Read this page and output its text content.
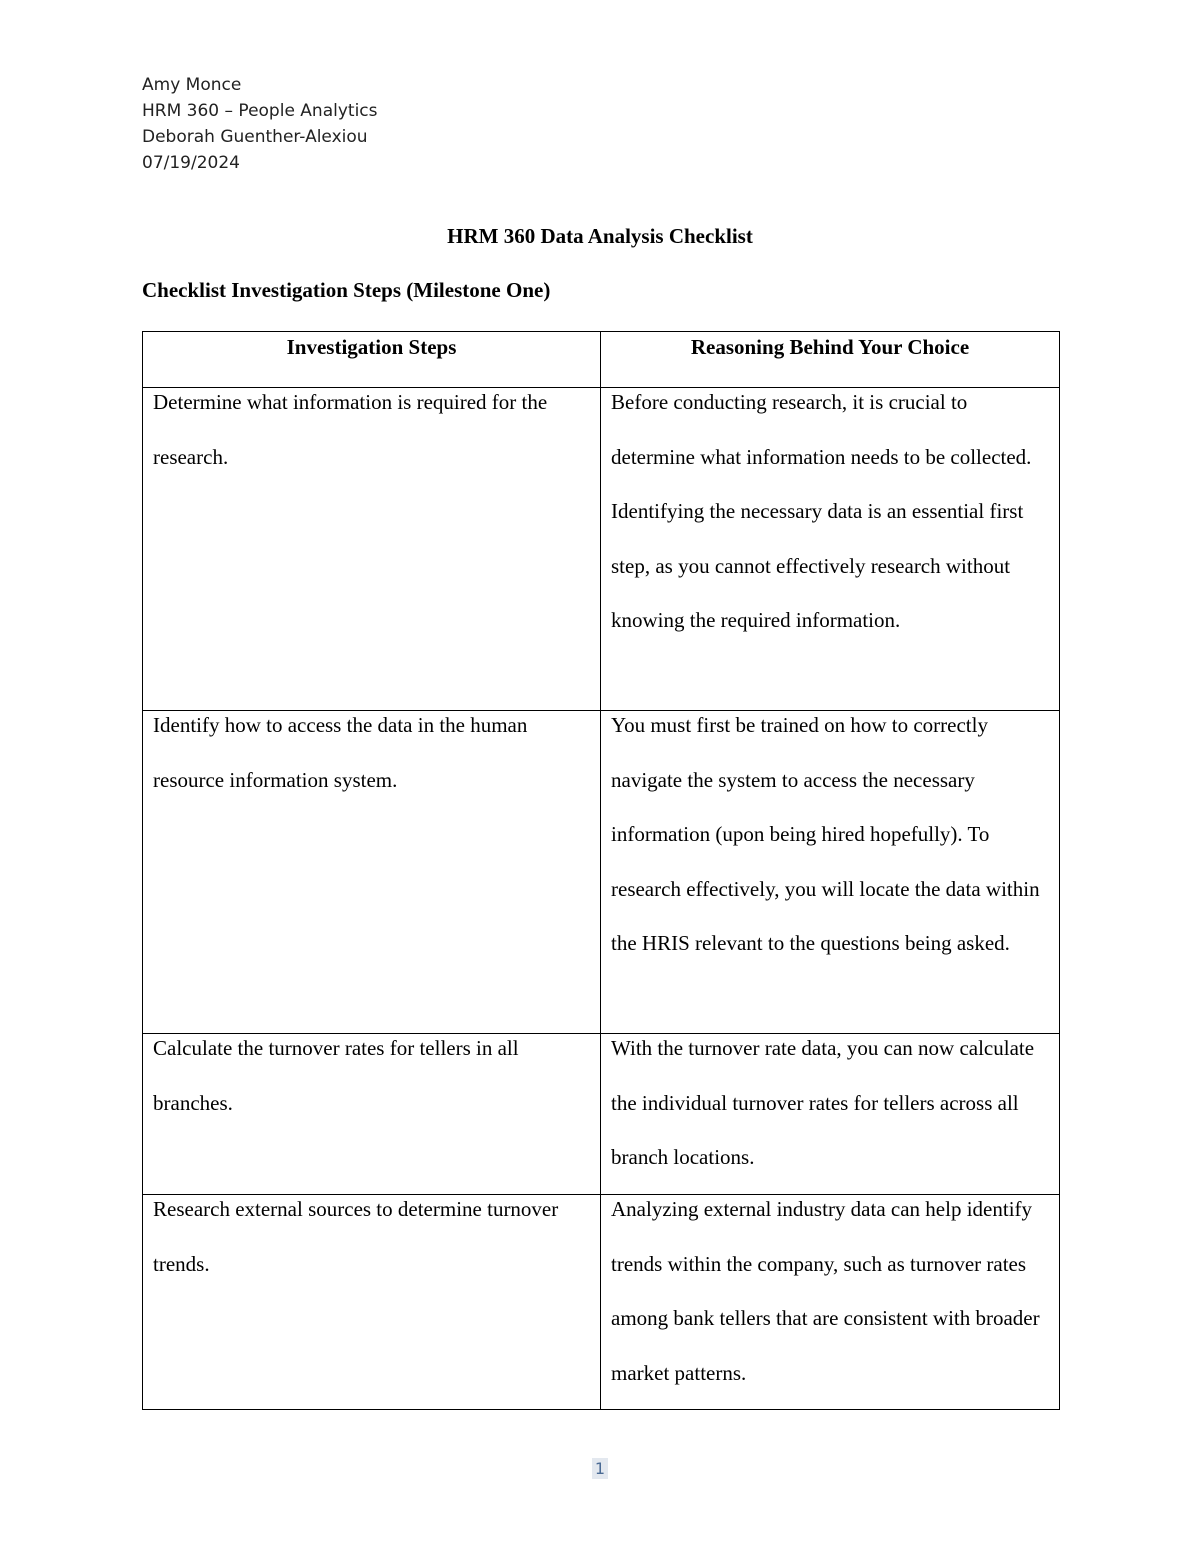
Amy Monce
HRM 360 – People Analytics
Deborah Guenther-Alexiou
07/19/2024
HRM 360 Data Analysis Checklist
Checklist Investigation Steps (Milestone One)
Investigation Steps	Reasoning Behind Your Choice

Determine what information is required for the research.	Before conducting research, it is crucial to determine what information needs to be collected. Identifying the necessary data is an essential first step, as you cannot effectively research without knowing the required information.

Identify how to access the data in the human resource information system.	You must first be trained on how to correctly navigate the system to access the necessary information (upon being hired hopefully). To research effectively, you will locate the data within the HRIS relevant to the questions being asked.

Calculate the turnover rates for tellers in all branches.	With the turnover rate data, you can now calculate the individual turnover rates for tellers across all branch locations.

Research external sources to determine turnover trends.	Analyzing external industry data can help identify trends within the company, such as turnover rates among bank tellers that are consistent with broader market patterns.
1
